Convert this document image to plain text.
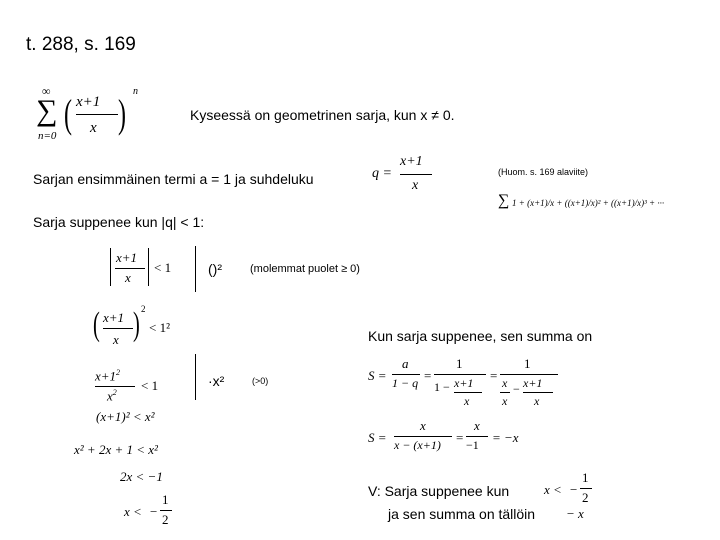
t. 288, s. 169
∞
∑
n=0 ( x+1
x ) n
Kyseessä on geometrinen sarja, kun x ≠ 0.
Sarjan ensimmäinen termi a = 1 ja suhdeluku	q =
x+1
x
(Huom. s. 169 alaviite)
∑ 1 + (x+1)/x + ((x+1)/x)² + ((x+1)/x)³ + ···
Sarja suppenee kun |q| < 1:
x+1
x
< 1	()²	(molemmat puolet ≥ 0)
( x+1
x ) 2
< 1²
$x+1^2$
$x^2 < 1$	·x²	(>0)
(x+1)² < x²
x² + 2x + 1 < x²
2x < −1
x < −
1
2
Kun sarja suppenee, sen summa on
S =
a
1 − q =
1
1 − x+1
x
=
1
x
x
− x+1
x
S =
x
x − (x+1) =
x
−1 = −x
V: Sarja suppenee kun	x < −
1
2
ja sen summa on tällöin − x
